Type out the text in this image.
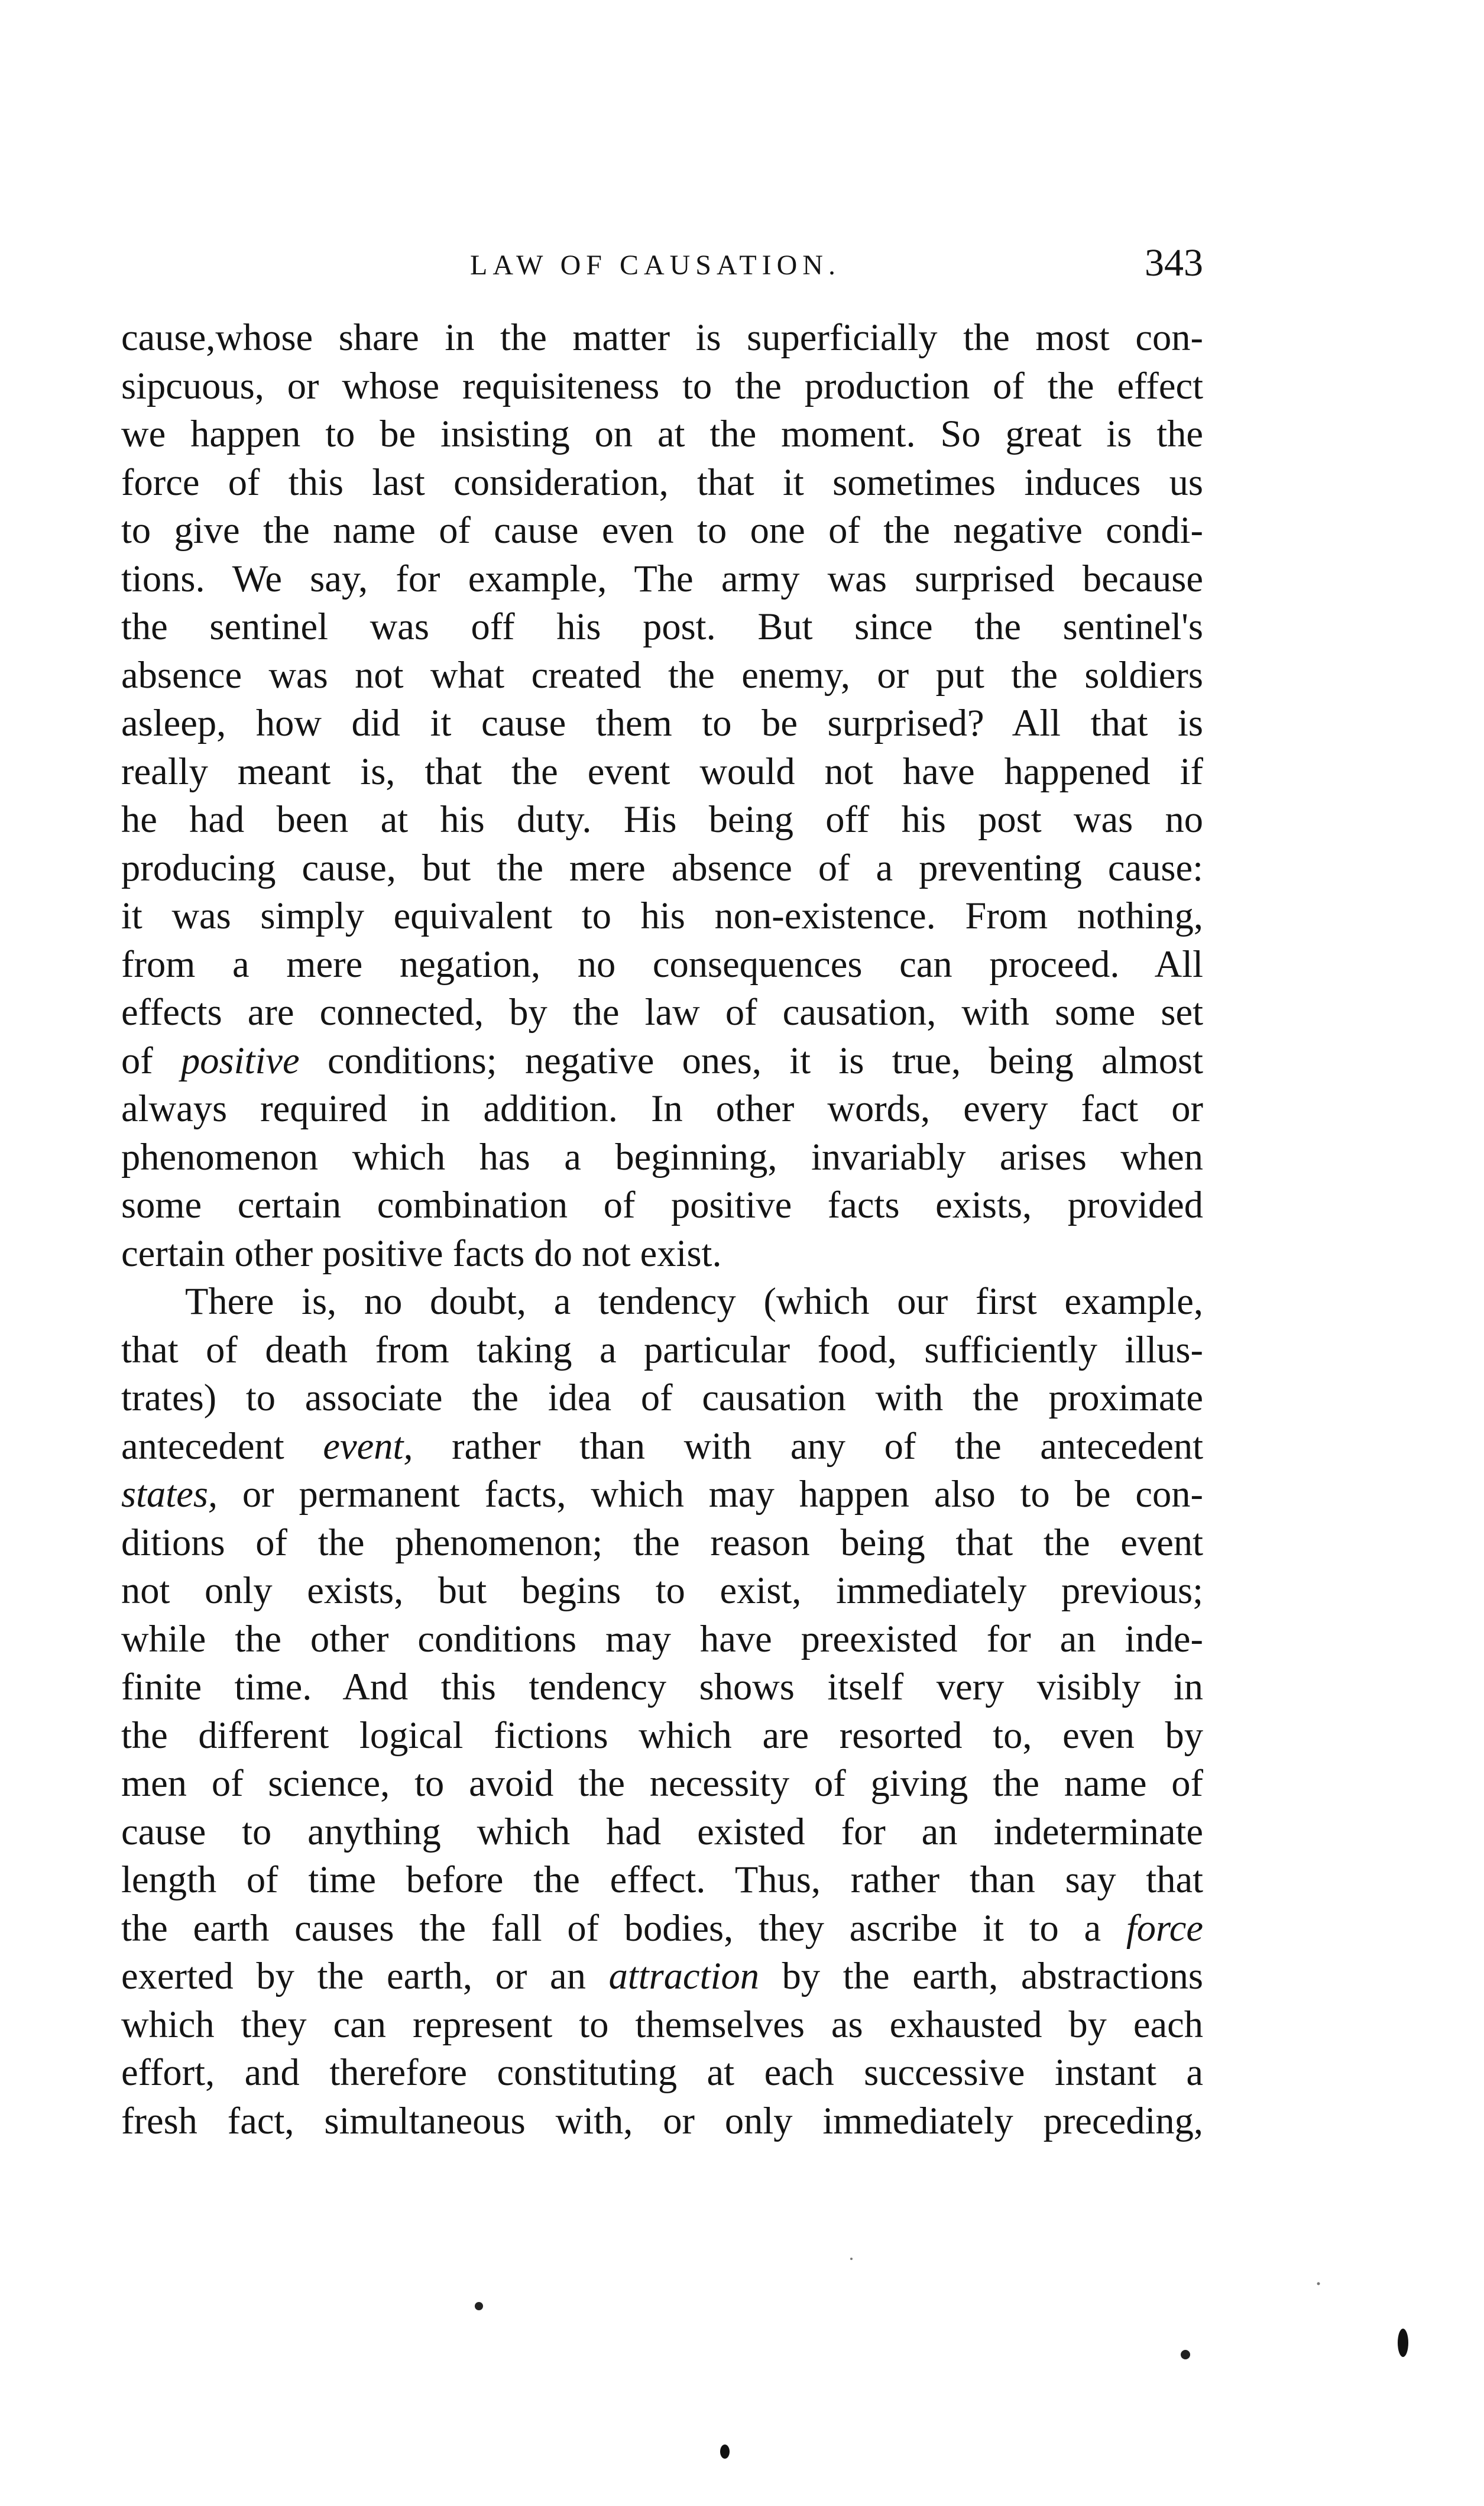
LAW OF CAUSATION.	343
cause,whose share in the matter is superficially the most con-
sipcuous, or whose requisiteness to the production of the effect
we happen to be insisting on at the moment. So great is the
force of this last consideration, that it sometimes induces us
to give the name of cause even to one of the negative condi-
tions. We say, for example, The army was surprised because
the sentinel was off his post. But since the sentinel's
absence was not what created the enemy, or put the soldiers
asleep, how did it cause them to be surprised? All that is
really meant is, that the event would not have happened if
he had been at his duty. His being off his post was no
producing cause, but the mere absence of a preventing cause:
it was simply equivalent to his non-existence. From nothing,
from a mere negation, no consequences can proceed. All
effects are connected, by the law of causation, with some set
of positive conditions; negative ones, it is true, being almost
always required in addition. In other words, every fact or
phenomenon which has a beginning, invariably arises when
some certain combination of positive facts exists, provided
certain other positive facts do not exist.
There is, no doubt, a tendency (which our first example,
that of death from taking a particular food, sufficiently illus-
trates) to associate the idea of causation with the proximate
antecedent event, rather than with any of the antecedent
states, or permanent facts, which may happen also to be con-
ditions of the phenomenon; the reason being that the event
not only exists, but begins to exist, immediately previous;
while the other conditions may have preexisted for an inde-
finite time. And this tendency shows itself very visibly in
the different logical fictions which are resorted to, even by
men of science, to avoid the necessity of giving the name of
cause to anything which had existed for an indeterminate
length of time before the effect. Thus, rather than say that
the earth causes the fall of bodies, they ascribe it to a force
exerted by the earth, or an attraction by the earth, abstractions
which they can represent to themselves as exhausted by each
effort, and therefore constituting at each successive instant a
fresh fact, simultaneous with, or only immediately preceding,
